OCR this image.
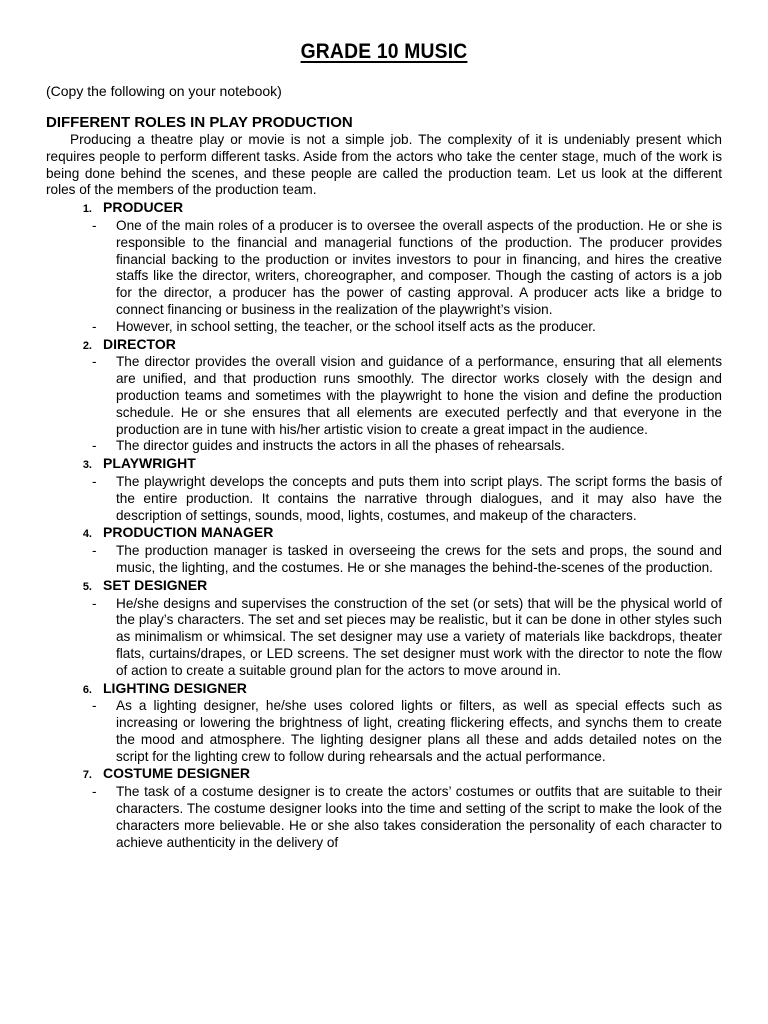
GRADE 10 MUSIC

(Copy the following on your notebook)

DIFFERENT ROLES IN PLAY PRODUCTION

Producing a theatre play or movie is not a simple job. The complexity of it is undeniably present which requires people to perform different tasks. Aside from the actors who take the center stage, much of the work is being done behind the scenes, and these people are called the production team. Let us look at the different roles of the members of the production team.

1. PRODUCER
-	One of the main roles of a producer is to oversee the overall aspects of the production. He or she is responsible to the financial and managerial functions of the production. The producer provides financial backing to the production or invites investors to pour in financing, and hires the creative staffs like the director, writers, choreographer, and composer. Though the casting of actors is a job for the director, a producer has the power of casting approval. A producer acts like a bridge to connect financing or business in the realization of the playwright’s vision.
-	However, in school setting, the teacher, or the school itself acts as the producer.
2. DIRECTOR
-	The director provides the overall vision and guidance of a performance, ensuring that all elements are unified, and that production runs smoothly. The director works closely with the design and production teams and sometimes with the playwright to hone the vision and define the production schedule. He or she ensures that all elements are executed perfectly and that everyone in the production are in tune with his/her artistic vision to create a great impact in the audience.
-	The director guides and instructs the actors in all the phases of rehearsals.
3. PLAYWRIGHT
-	The playwright develops the concepts and puts them into script plays. The script forms the basis of the entire production. It contains the narrative through dialogues, and it may also have the description of settings, sounds, mood, lights, costumes, and makeup of the characters.
4. PRODUCTION MANAGER
-	The production manager is tasked in overseeing the crews for the sets and props, the sound and music, the lighting, and the costumes. He or she manages the behind-the-scenes of the production.
5. SET DESIGNER
-	He/she designs and supervises the construction of the set (or sets) that will be the physical world of the play’s characters. The set and set pieces may be realistic, but it can be done in other styles such as minimalism or whimsical. The set designer may use a variety of materials like backdrops, theater flats, curtains/drapes, or LED screens. The set designer must work with the director to note the flow of action to create a suitable ground plan for the actors to move around in.
6. LIGHTING DESIGNER
-	As a lighting designer, he/she uses colored lights or filters, as well as special effects such as increasing or lowering the brightness of light, creating flickering effects, and synchs them to create the mood and atmosphere. The lighting designer plans all these and adds detailed notes on the script for the lighting crew to follow during rehearsals and the actual performance.
7. COSTUME DESIGNER
-	The task of a costume designer is to create the actors’ costumes or outfits that are suitable to their characters. The costume designer looks into the time and setting of the script to make the look of the characters more believable. He or she also takes consideration the personality of each character to achieve authenticity in the delivery of
